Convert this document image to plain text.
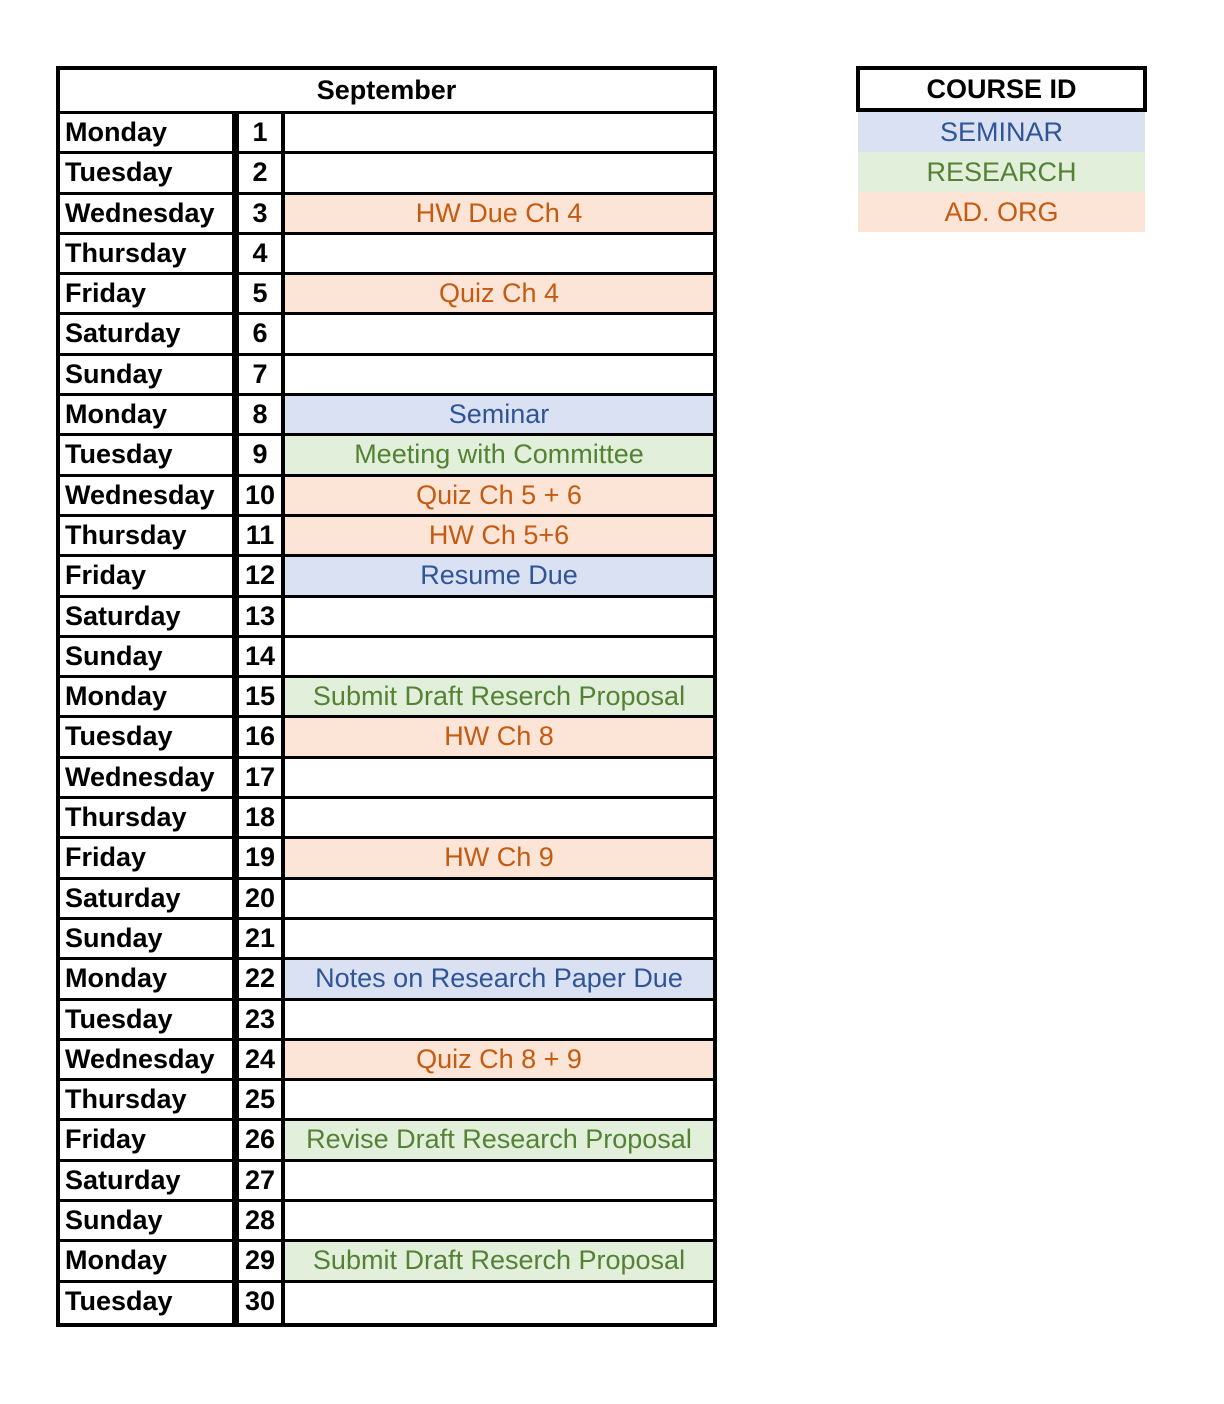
September
Monday	1
Tuesday	2
Wednesday	3	HW Due Ch 4
Thursday	4
Friday	5	Quiz Ch 4
Saturday	6
Sunday	7
Monday	8	Seminar
Tuesday	9	Meeting with Committee
Wednesday	10	Quiz Ch 5 + 6
Thursday	11	HW Ch 5+6
Friday	12	Resume Due
Saturday	13
Sunday	14
Monday	15	Submit Draft Reserch Proposal
Tuesday	16	HW Ch 8
Wednesday	17
Thursday	18
Friday	19	HW Ch 9
Saturday	20
Sunday	21
Monday	22	Notes on Research Paper Due
Tuesday	23
Wednesday	24	Quiz Ch 8 + 9
Thursday	25
Friday	26	Revise Draft Research Proposal
Saturday	27
Sunday	28
Monday	29	Submit Draft Reserch Proposal
Tuesday	30
COURSE ID
SEMINAR
RESEARCH
AD. ORG
